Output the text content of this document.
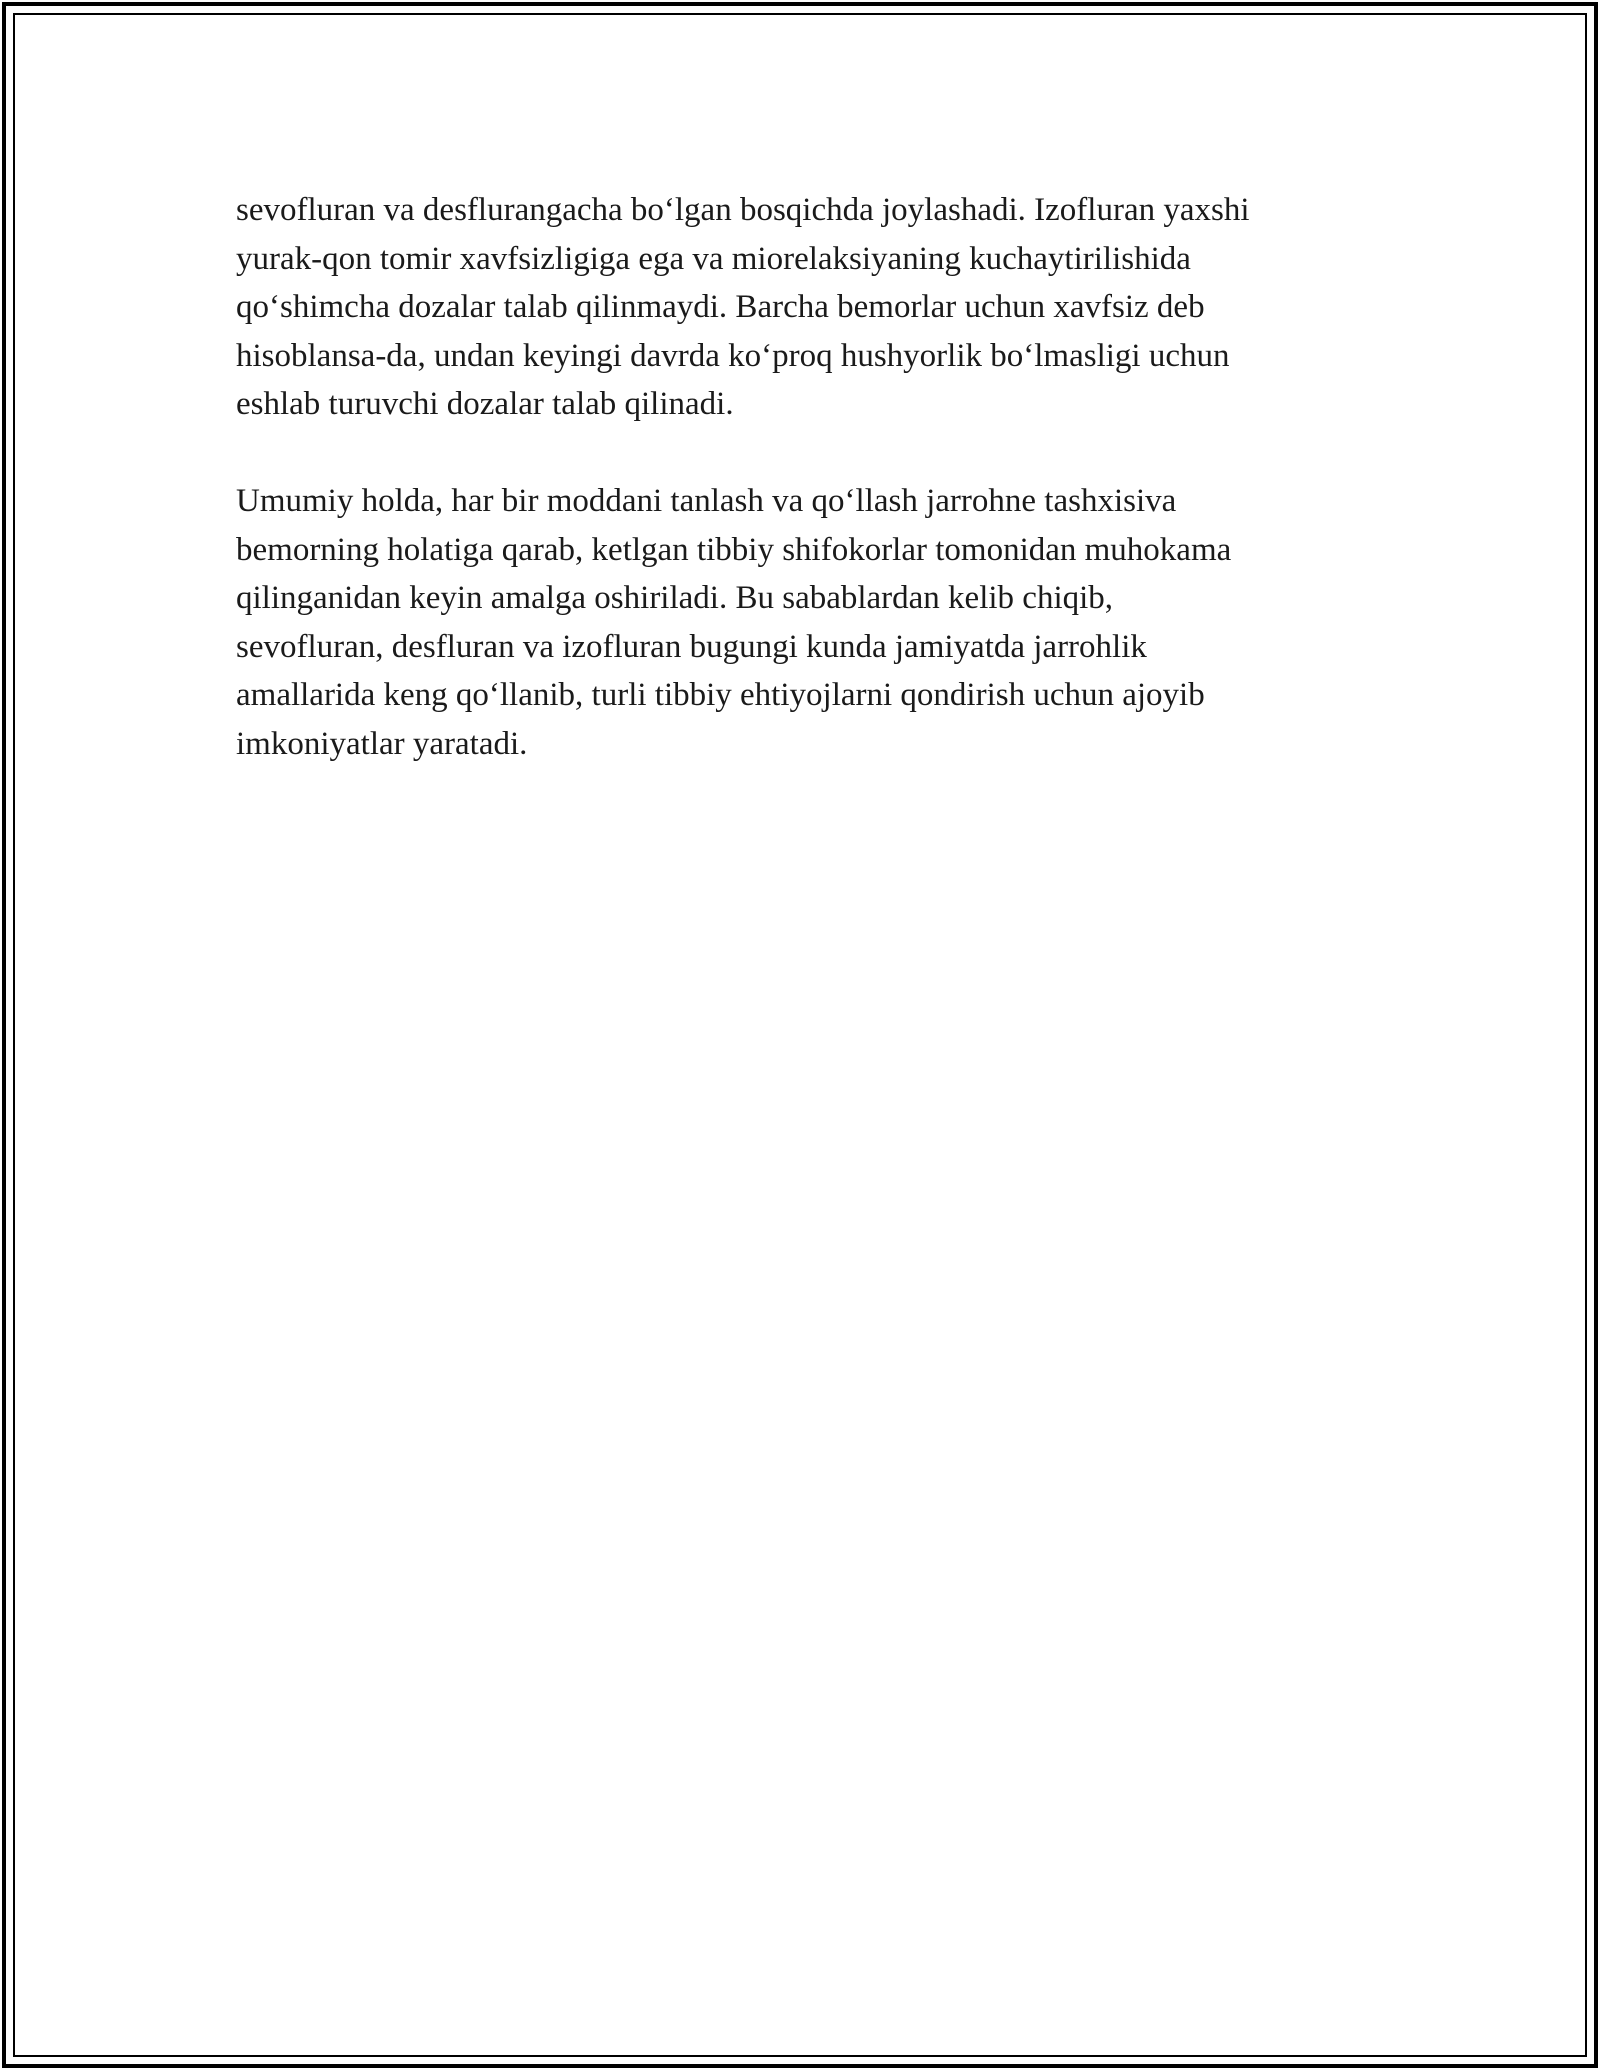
sevofluran va desflurangacha bo‘lgan bosqichda joylashadi. Izofluran yaxshi
yurak-qon tomir xavfsizligiga ega va miorelaksiyaning kuchaytirilishida
qo‘shimcha dozalar talab qilinmaydi. Barcha bemorlar uchun xavfsiz deb
hisoblansa-da, undan keyingi davrda ko‘proq hushyorlik bo‘lmasligi uchun
eshlab turuvchi dozalar talab qilinadi.

Umumiy holda, har bir moddani tanlash va qo‘llash jarrohne tashxisiva
bemorning holatiga qarab, ketlgan tibbiy shifokorlar tomonidan muhokama
qilinganidan keyin amalga oshiriladi. Bu sabablardan kelib chiqib,
sevofluran, desfluran va izofluran bugungi kunda jamiyatda jarrohlik
amallarida keng qo‘llanib, turli tibbiy ehtiyojlarni qondirish uchun ajoyib
imkoniyatlar yaratadi.
